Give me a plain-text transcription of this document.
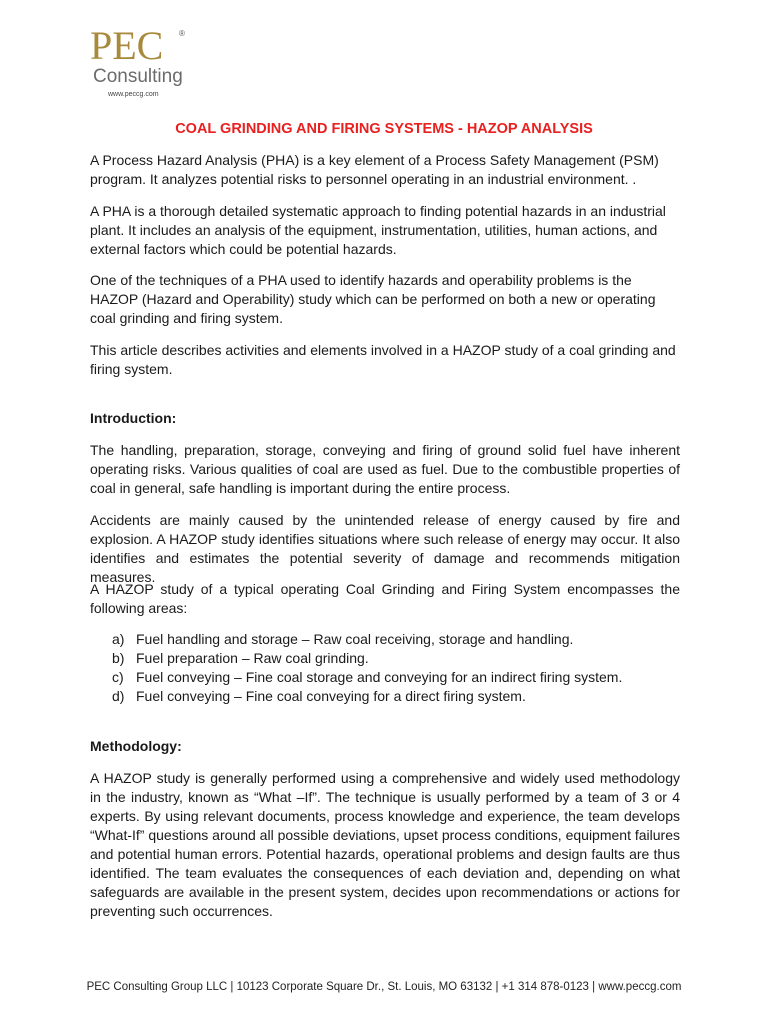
PEC ®
Consulting
www.peccg.com
COAL GRINDING AND FIRING SYSTEMS - HAZOP ANALYSIS

A Process Hazard Analysis (PHA) is a key element of a Process Safety Management (PSM) program. It analyzes potential risks to personnel operating in an industrial environment. .

A PHA is a thorough detailed systematic approach to finding potential hazards in an industrial plant. It includes an analysis of the equipment, instrumentation, utilities, human actions, and external factors which could be potential hazards.

One of the techniques of a PHA used to identify hazards and operability problems is the HAZOP (Hazard and Operability) study which can be performed on both a new or operating coal grinding and firing system.

This article describes activities and elements involved in a HAZOP study of a coal grinding and firing system.

Introduction:

The handling, preparation, storage, conveying and firing of ground solid fuel have inherent operating risks. Various qualities of coal are used as fuel. Due to the combustible properties of coal in general, safe handling is important during the entire process.

Accidents are mainly caused by the unintended release of energy caused by fire and explosion. A HAZOP study identifies situations where such release of energy may occur. It also identifies and estimates the potential severity of damage and recommends mitigation measures.

A HAZOP study of a typical operating Coal Grinding and Firing System encompasses the following areas:

a) Fuel handling and storage – Raw coal receiving, storage and handling.
b) Fuel preparation – Raw coal grinding.
c) Fuel conveying – Fine coal storage and conveying for an indirect firing system.
d) Fuel conveying – Fine coal conveying for a direct firing system.
Methodology:

A HAZOP study is generally performed using a comprehensive and widely used methodology in the industry, known as “What –If”. The technique is usually performed by a team of 3 or 4 experts. By using relevant documents, process knowledge and experience, the team develops “What-If” questions around all possible deviations, upset process conditions, equipment failures and potential human errors. Potential hazards, operational problems and design faults are thus identified. The team evaluates the consequences of each deviation and, depending on what safeguards are available in the present system, decides upon recommendations or actions for preventing such occurrences.

PEC Consulting Group LLC | 10123 Corporate Square Dr., St. Louis, MO 63132 | +1 314 878-0123 | www.peccg.com
